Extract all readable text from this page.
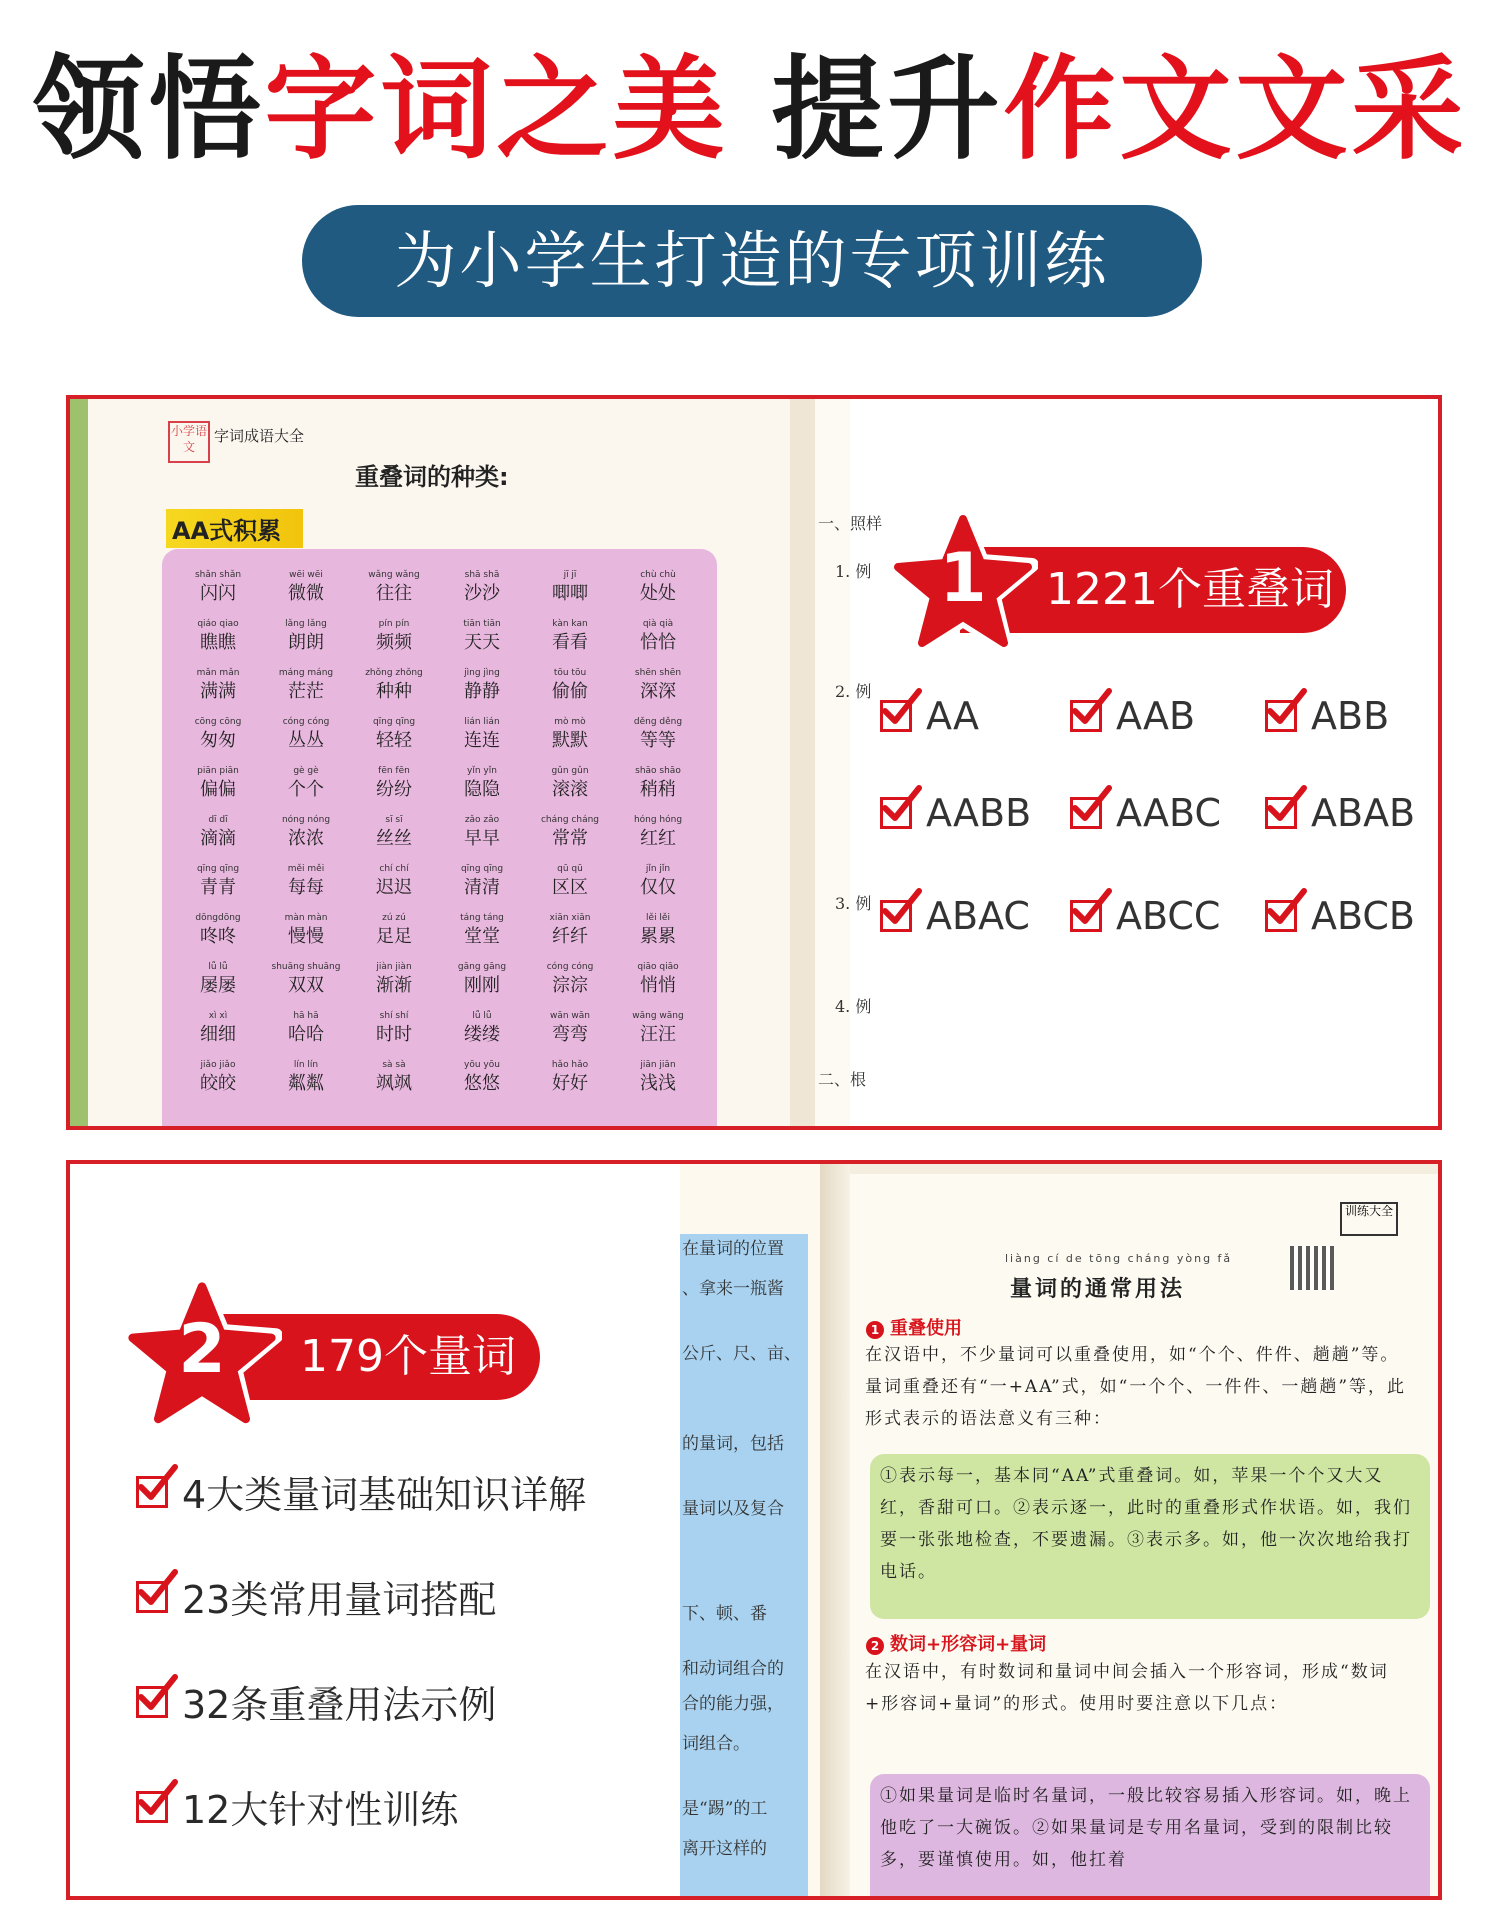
领悟字词之美 提升作文文采
为小学生打造的专项训练
小学语文
字词成语大全
重叠词的种类:
AA式积累
shǎn shǎn
闪闪
wēi wēi
微微
wǎng wǎng
往往
shā shā
沙沙
jī jī
唧唧
chù chù
处处
qiáo qiao
瞧瞧
lǎng lǎng
朗朗
pín pín
频频
tiān tiān
天天
kàn kan
看看
qià qià
恰恰
mǎn mǎn
满满
máng máng
茫茫
zhǒng zhǒng
种种
jìng jìng
静静
tōu tōu
偷偷
shēn shēn
深深
cōng cōng
匆匆
cóng cóng
丛丛
qīng qīng
轻轻
lián lián
连连
mò mò
默默
děng děng
等等
piān piān
偏偏
gè gè
个个
fēn fēn
纷纷
yǐn yǐn
隐隐
gǔn gǔn
滚滚
shāo shāo
稍稍
dī dī
滴滴
nóng nóng
浓浓
sī sī
丝丝
zǎo zǎo
早早
cháng cháng
常常
hóng hóng
红红
qīng qīng
青青
měi měi
每每
chí chí
迟迟
qīng qīng
清清
qū qū
区区
jǐn jǐn
仅仅
dōngdōng
咚咚
màn màn
慢慢
zú zú
足足
táng táng
堂堂
xiān xiān
纤纤
lěi lěi
累累
lǚ lǚ
屡屡
shuāng shuāng
双双
jiàn jiàn
渐渐
gāng gāng
刚刚
cóng cóng
淙淙
qiāo qiāo
悄悄
xì xì
细细
hā hā
哈哈
shí shí
时时
lǚ lǚ
缕缕
wān wān
弯弯
wāng wāng
汪汪
jiǎo jiǎo
皎皎
lín lín
粼粼
sà sà
飒飒
yōu yōu
悠悠
hǎo hǎo
好好
jiān jiān
浅浅
一、照样
1. 例
2. 例
3. 例
4. 例
二、根
1221个重叠词
1
AA	AAB	ABB
AABB AABC ABAB
ABAC ABCC ABCB
179个量词
2
4大类量词基础知识详解
23类常用量词搭配
32条重叠用法示例
12大针对性训练
在量词的位置
、拿来一瓶酱
公斤、尺、亩、
的量词，包括
量词以及复合
下、顿、番
和动词组合的
合的能力强，
词组合。
是“踢”的工
离开这样的
训练大全
liàng cí de tōng cháng yòng fǎ
量词的通常用法
1 重叠使用
在汉语中，不少量词可以重叠使用，如“个个、件件、趟趟”等。量词重叠还有“一+AA”式，如“一个个、一件件、一趟趟”等，此形式表示的语法意义有三种：
①表示每一，基本同“AA”式重叠词。如，苹果一个个又大又红，香甜可口。②表示逐一，此时的重叠形式作状语。如，我们要一张张地检查，不要遗漏。③表示多。如，他一次次地给我打电话。
2 数词+形容词+量词
在汉语中，有时数词和量词中间会插入一个形容词，形成“数词+形容词+量词”的形式。使用时要注意以下几点：
①如果量词是临时名量词，一般比较容易插入形容词。如，晚上他吃了一大碗饭。②如果量词是专用名量词，受到的限制比较多，要谨慎使用。如，他扛着
